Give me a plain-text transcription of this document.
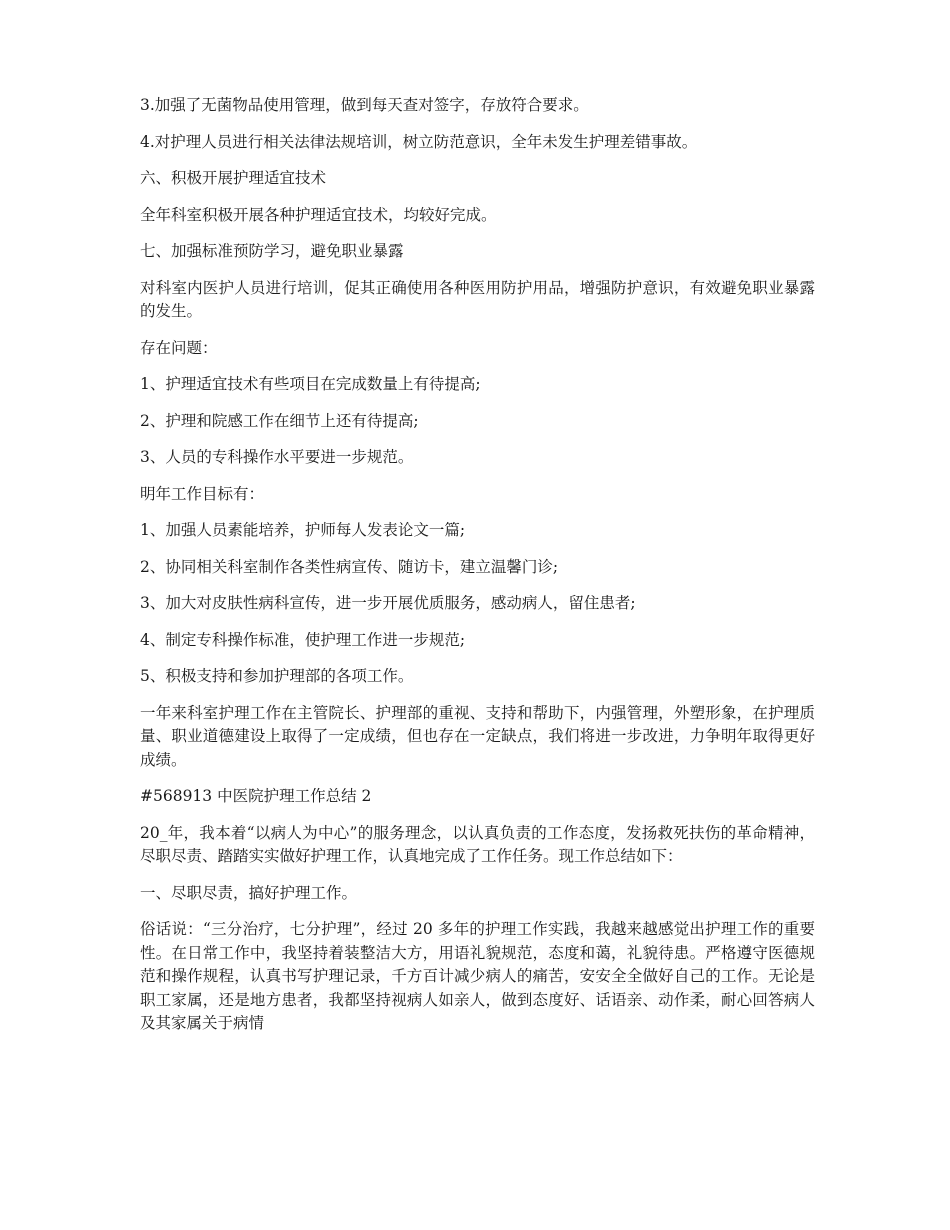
3.加强了无菌物品使用管理，做到每天查对签字，存放符合要求。

4.对护理人员进行相关法律法规培训，树立防范意识，全年未发生护理差错事故。

六、积极开展护理适宜技术

全年科室积极开展各种护理适宜技术，均较好完成。

七、加强标准预防学习，避免职业暴露

对科室内医护人员进行培训，促其正确使用各种医用防护用品，增强防护意识，有效避免职业暴露的发生。

存在问题：

1、护理适宜技术有些项目在完成数量上有待提高;

2、护理和院感工作在细节上还有待提高;

3、人员的专科操作水平要进一步规范。

明年工作目标有：

1、加强人员素能培养，护师每人发表论文一篇;

2、协同相关科室制作各类性病宣传、随访卡，建立温馨门诊;

3、加大对皮肤性病科宣传，进一步开展优质服务，感动病人，留住患者;

4、制定专科操作标准，使护理工作进一步规范;

5、积极支持和参加护理部的各项工作。

一年来科室护理工作在主管院长、护理部的重视、支持和帮助下，内强管理，外塑形象，在护理质量、职业道德建设上取得了一定成绩，但也存在一定缺点，我们将进一步改进，力争明年取得更好成绩。

#568913 中医院护理工作总结 2

20_年，我本着“以病人为中心”的服务理念，以认真负责的工作态度，发扬救死扶伤的革命精神，尽职尽责、踏踏实实做好护理工作，认真地完成了工作任务。现工作总结如下：

一、尽职尽责，搞好护理工作。

俗话说：“三分治疗，七分护理”，经过 20 多年的护理工作实践，我越来越感觉出护理工作的重要性。在日常工作中，我坚持着装整洁大方，用语礼貌规范，态度和蔼，礼貌待患。严格遵守医德规范和操作规程，认真书写护理记录，千方百计减少病人的痛苦，安安全全做好自己的工作。无论是职工家属，还是地方患者，我都坚持视病人如亲人，做到态度好、话语亲、动作柔，耐心回答病人及其家属关于病情
